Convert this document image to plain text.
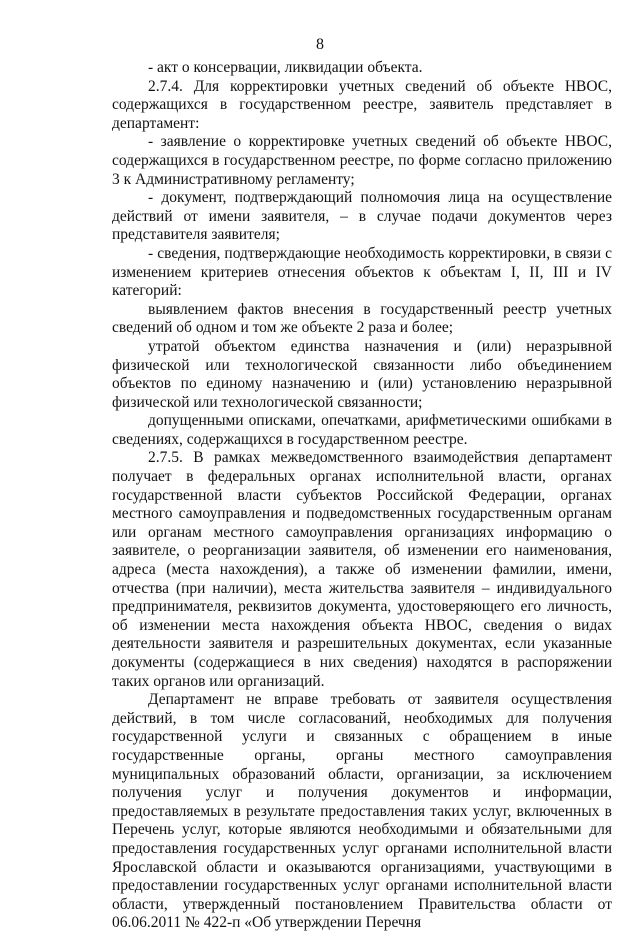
8

- акт о консервации, ликвидации объекта.

2.7.4. Для корректировки учетных сведений об объекте НВОС, содержащихся в государственном реестре, заявитель представляет в департамент:

- заявление о корректировке учетных сведений об объекте НВОС, содержащихся в государственном реестре, по форме согласно приложению 3 к Административному регламенту;

- документ, подтверждающий полномочия лица на осуществление действий от имени заявителя, – в случае подачи документов через представителя заявителя;

- сведения, подтверждающие необходимость корректировки, в связи с изменением критериев отнесения объектов к объектам I, II, III и IV категорий:

выявлением фактов внесения в государственный реестр учетных сведений об одном и том же объекте 2 раза и более;

утратой объектом единства назначения и (или) неразрывной физической или технологической связанности либо объединением объектов по единому назначению и (или) установлению неразрывной физической или технологической связанности;

допущенными описками, опечатками, арифметическими ошибками в сведениях, содержащихся в государственном реестре.

2.7.5. В рамках межведомственного взаимодействия департамент получает в федеральных органах исполнительной власти, органах государственной власти субъектов Российской Федерации, органах местного самоуправления и подведомственных государственным органам или органам местного самоуправления организациях информацию о заявителе, о реорганизации заявителя, об изменении его наименования, адреса (места нахождения), а также об изменении фамилии, имени, отчества (при наличии), места жительства заявителя – индивидуального предпринимателя, реквизитов документа, удостоверяющего его личность, об изменении места нахождения объекта НВОС, сведения о видах деятельности заявителя и разрешительных документах, если указанные документы (содержащиеся в них сведения) находятся в распоряжении таких органов или организаций.

Департамент не вправе требовать от заявителя осуществления действий, в том числе согласований, необходимых для получения государственной услуги и связанных с обращением в иные государственные органы, органы местного самоуправления муниципальных образований области, организации, за исключением получения услуг и получения документов и информации, предоставляемых в результате предоставления таких услуг, включенных в Перечень услуг, которые являются необходимыми и обязательными для предоставления государственных услуг органами исполнительной власти Ярославской области и оказываются организациями, участвующими в предоставлении государственных услуг органами исполнительной власти области, утвержденный постановлением Правительства области от 06.06.2011 № 422-п «Об утверждении Перечня
